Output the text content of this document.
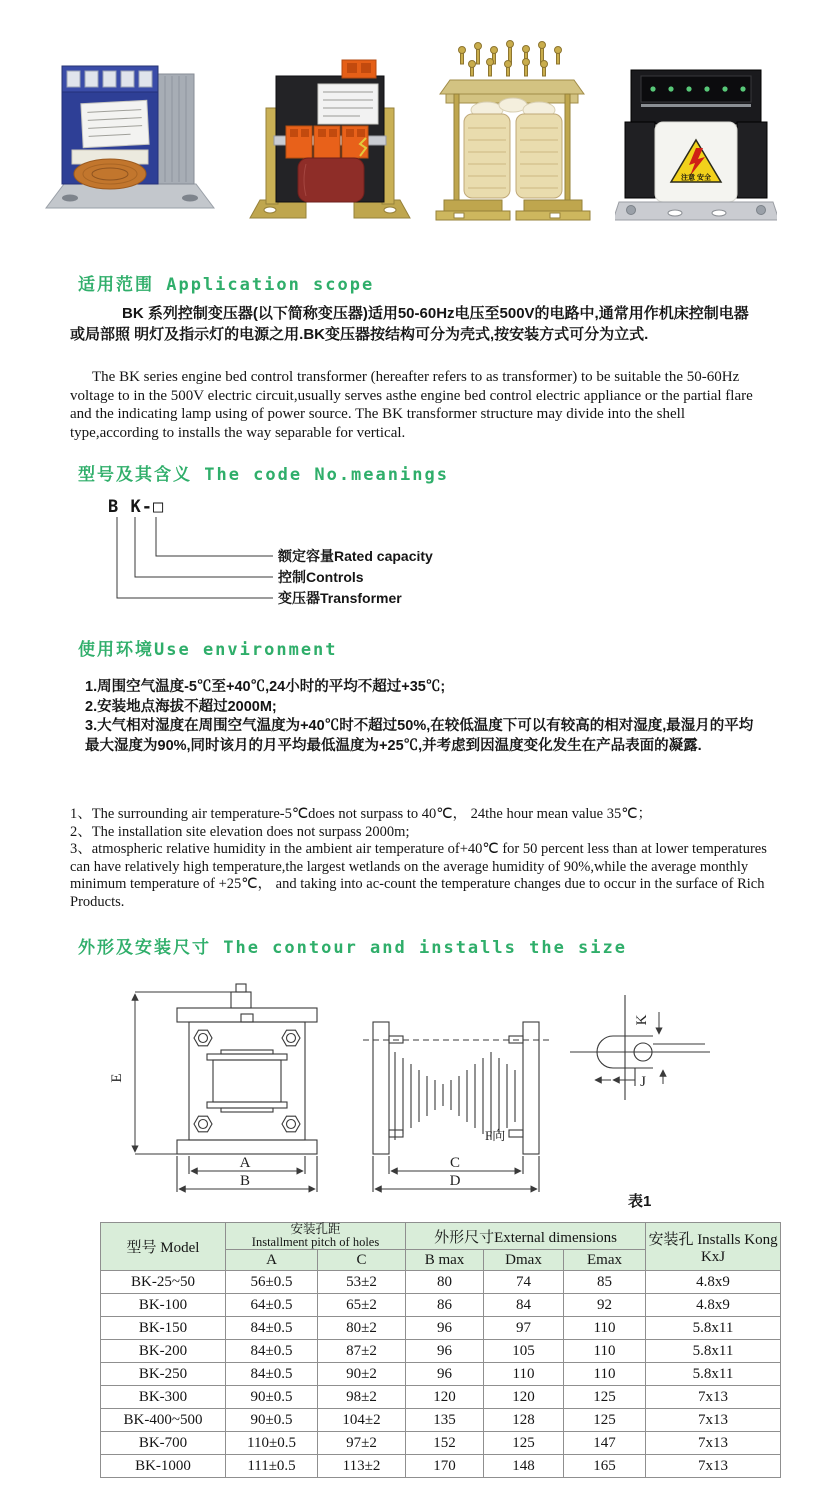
注意 安全
适用范围 Application scope
BK 系列控制变压器(以下简称变压器)适用50-60Hz电压至500V的电路中,通常用作机床控制电器或局部照 明灯及指示灯的电源之用.BK变压器按结构可分为壳式,按安装方式可分为立式.
The BK series engine bed control transformer (hereafter refers to as transformer) to be suitable the 50-60Hz voltage to in the 500V electric circuit,usually serves asthe engine bed control electric appliance or the partial flare and the indicating lamp using of power source. The BK transformer structure may divide into the shell type,according to installs the way separable for vertical.
型号及其含义 The code No.meanings
B K-□
额定容量Rated capacity
控制Controls
变压器Transformer
使用环境Use environment
1.周围空气温度-5℃至+40℃,24小时的平均不超过+35℃;
2.安装地点海拔不超过2000M;
3.大气相对湿度在周围空气温度为+40℃时不超过50%,在较低温度下可以有较高的相对湿度,最湿月的平均最大湿度为90%,同时该月的月平均最低温度为+25℃,并考虑到因温度变化发生在产品表面的凝露.
1、The surrounding air temperature-5℃does not surpass to 40℃， 24the hour mean value 35℃；
2、The installation site elevation does not surpass 2000m;
3、atmospheric relative humidity in the ambient air temperature of+40℃ for 50 percent less than at lower temperatures can have relatively high temperature,the largest wetlands on the average humidity of 90%,while the average monthly minimum temperature of +25℃， and taking into ac-count the temperature changes due to occur in the surface of Rich Products.
外形及安装尺寸 The contour and installs the size
E
A
B
F向
C
D
K
J
表1
型号 Model	
安装孔距
Installment pitch of holes	外形尺寸External dimensions	安装孔 Installs Kong
KxJ

	A	C	B max	Dmax	Emax	
BK-25~50	56±0.5	53±2	80	74	85	4.8x9
BK-100	64±0.5	65±2	86	84	92	4.8x9
BK-150	84±0.5	80±2	96	97	110	5.8x11
BK-200	84±0.5	87±2	96	105	110	5.8x11
BK-250	84±0.5	90±2	96	110	110	5.8x11
BK-300	90±0.5	98±2	120	120	125	7x13
BK-400~500	90±0.5	104±2	135	128	125	7x13
BK-700	110±0.5	97±2	152	125	147	7x13
BK-1000	111±0.5	113±2	170	148	165	7x13
